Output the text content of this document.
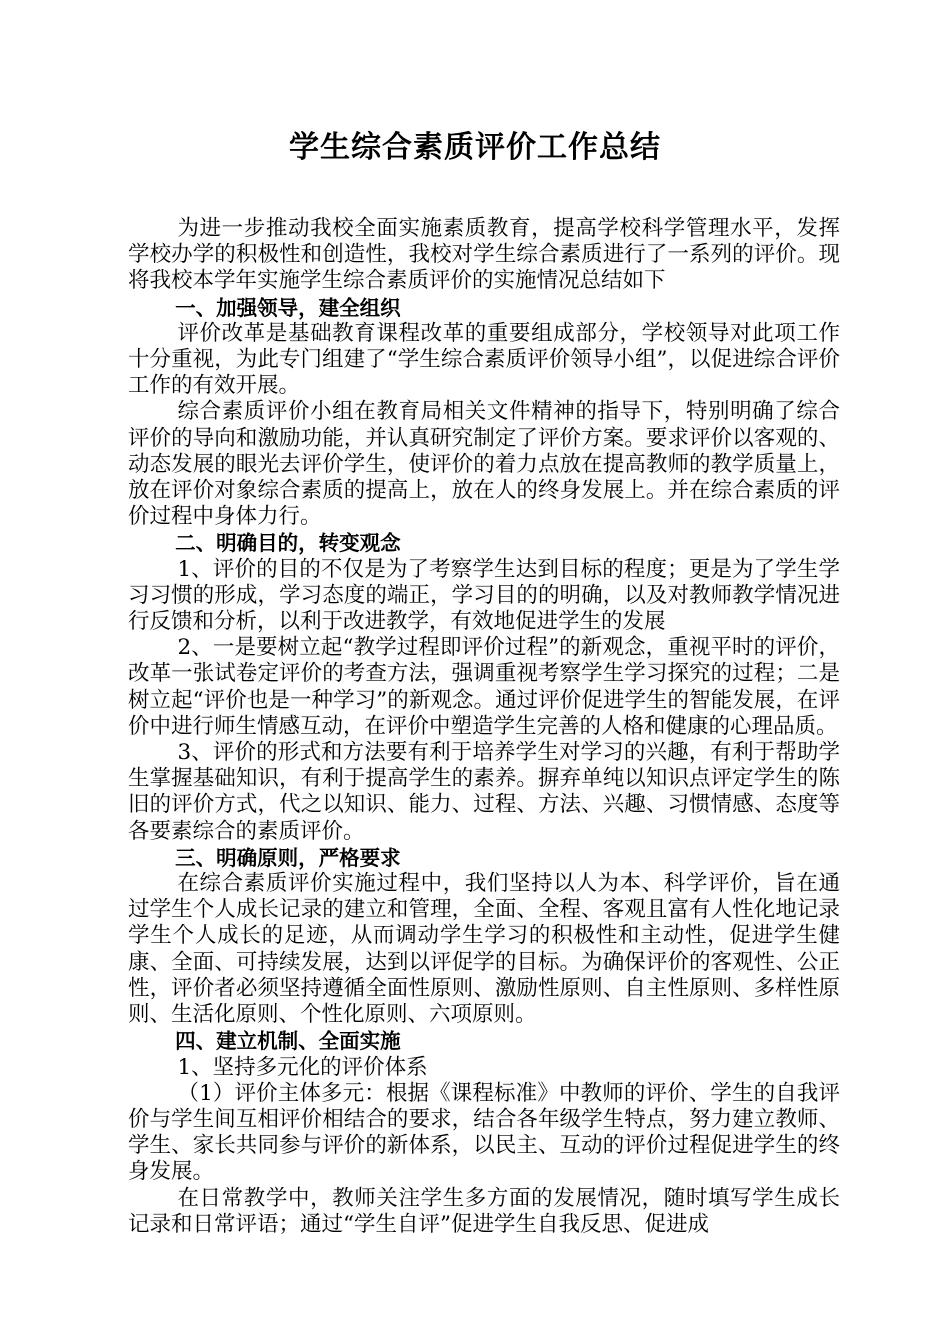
学生综合素质评价工作总结

为进一步推动我校全面实施素质教育，提高学校科学管理水平，发挥学校办学的积极性和创造性，我校对学生综合素质进行了一系列的评价。现将我校本学年实施学生综合素质评价的实施情况总结如下

一、加强领导，建全组织

评价改革是基础教育课程改革的重要组成部分，学校领导对此项工作十分重视，为此专门组建了“学生综合素质评价领导小组”，以促进综合评价工作的有效开展。

综合素质评价小组在教育局相关文件精神的指导下，特别明确了综合评价的导向和激励功能，并认真研究制定了评价方案。要求评价以客观的、动态发展的眼光去评价学生，使评价的着力点放在提高教师的教学质量上，放在评价对象综合素质的提高上，放在人的终身发展上。并在综合素质的评价过程中身体力行。

二、明确目的，转变观念

1、评价的目的不仅是为了考察学生达到目标的程度；更是为了学生学习习惯的形成，学习态度的端正，学习目的的明确，以及对教师教学情况进行反馈和分析，以利于改进教学，有效地促进学生的发展

2、一是要树立起“教学过程即评价过程”的新观念，重视平时的评价，改革一张试卷定评价的考查方法，强调重视考察学生学习探究的过程；二是树立起“评价也是一种学习”的新观念。通过评价促进学生的智能发展，在评价中进行师生情感互动，在评价中塑造学生完善的人格和健康的心理品质。

3、评价的形式和方法要有利于培养学生对学习的兴趣，有利于帮助学生掌握基础知识，有利于提高学生的素养。摒弃单纯以知识点评定学生的陈旧的评价方式，代之以知识、能力、过程、方法、兴趣、习惯情感、态度等各要素综合的素质评价。

三、明确原则，严格要求

在综合素质评价实施过程中，我们坚持以人为本、科学评价，旨在通过学生个人成长记录的建立和管理，全面、全程、客观且富有人性化地记录学生个人成长的足迹，从而调动学生学习的积极性和主动性，促进学生健康、全面、可持续发展，达到以评促学的目标。为确保评价的客观性、公正性，评价者必须坚持遵循全面性原则、激励性原则、自主性原则、多样性原则、生活化原则、个性化原则、六项原则。

四、建立机制、全面实施

1、坚持多元化的评价体系

（1）评价主体多元：根据《课程标准》中教师的评价、学生的自我评价与学生间互相评价相结合的要求，结合各年级学生特点，努力建立教师、学生、家长共同参与评价的新体系，以民主、互动的评价过程促进学生的终身发展。

在日常教学中，教师关注学生多方面的发展情况，随时填写学生成长记录和日常评语；通过“学生自评”促进学生自我反思、促进成
